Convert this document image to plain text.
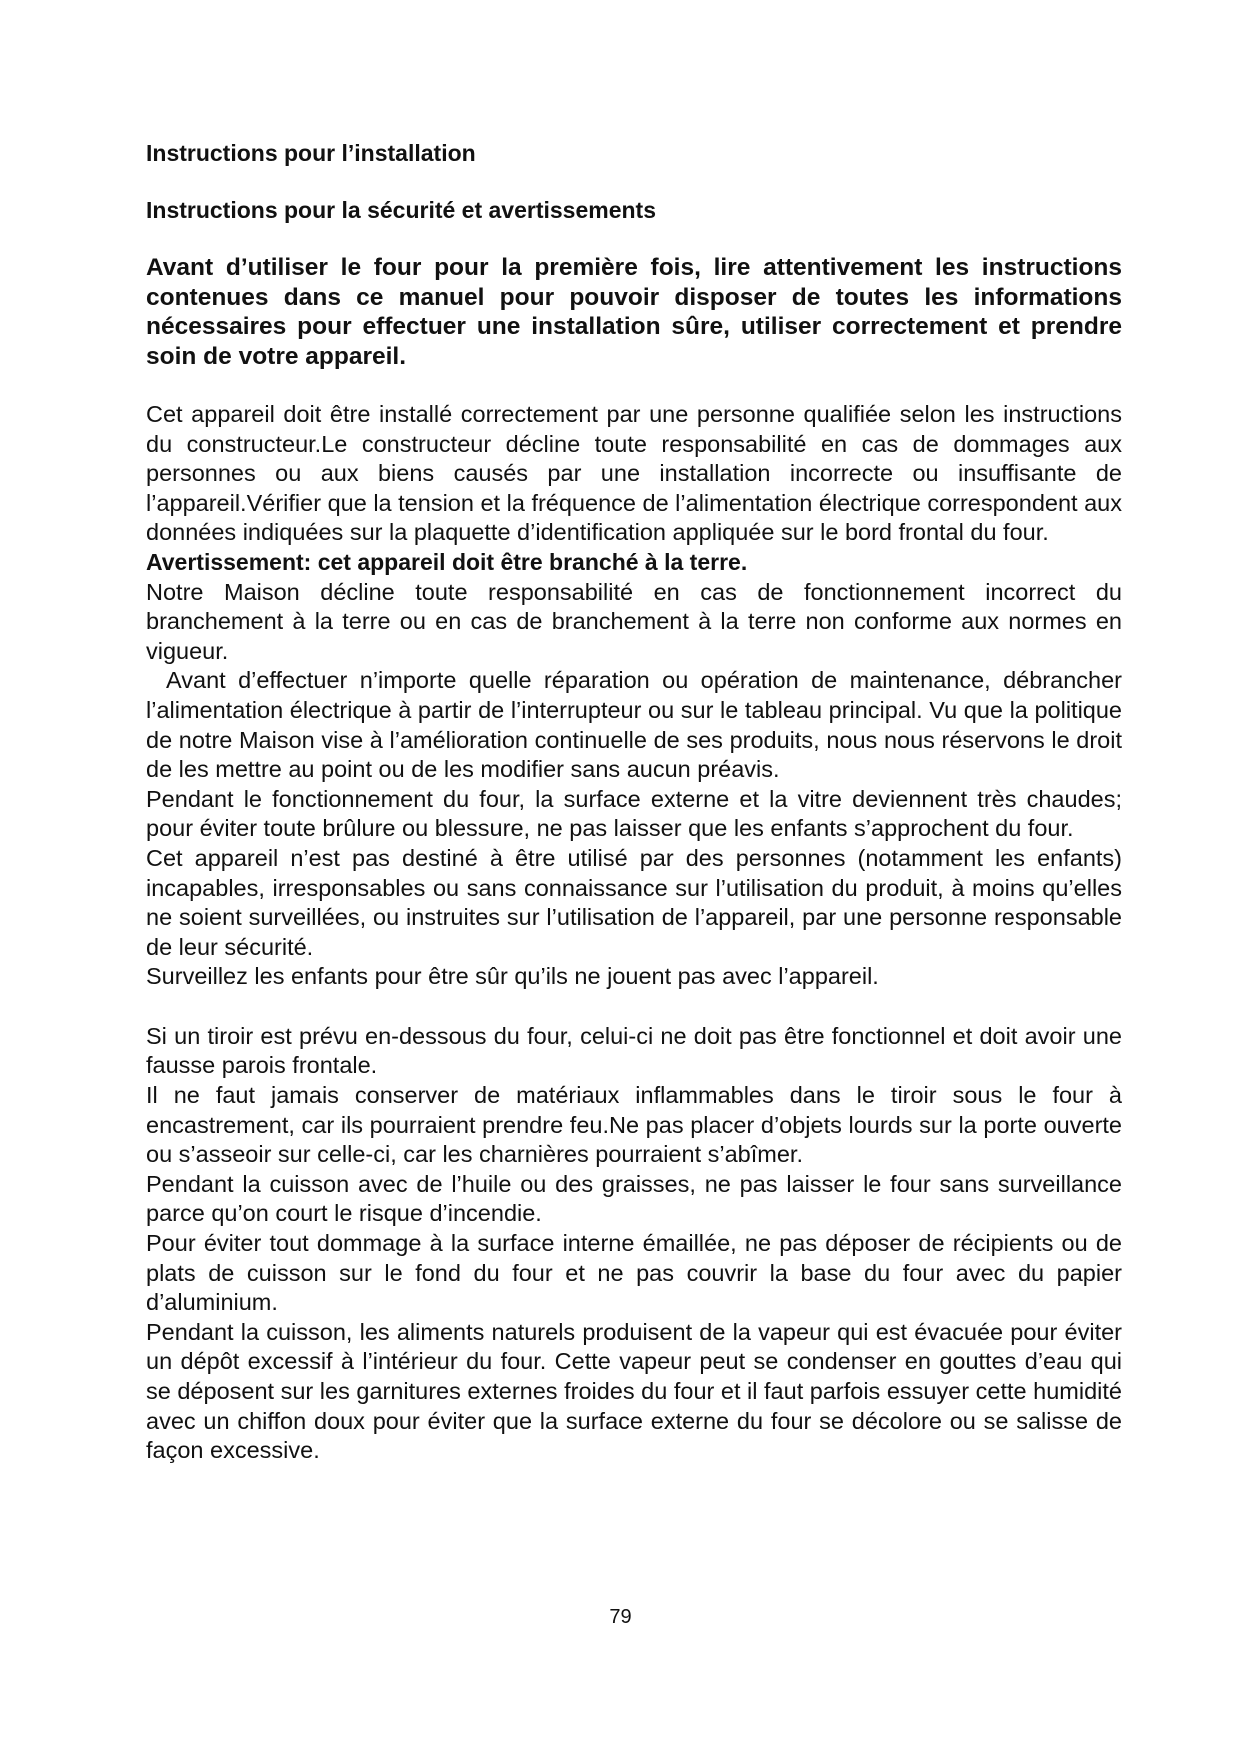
Instructions pour l’installation

Instructions pour la sécurité et avertissements

Avant d’utiliser le four pour la première fois, lire attentivement les instructions contenues dans ce manuel pour pouvoir disposer de toutes les informations nécessaires pour effectuer une installation sûre, utiliser correctement et prendre soin de votre appareil.

Cet appareil doit être installé correctement par une personne qualifiée selon les instructions du constructeur.Le constructeur décline toute responsabilité en cas de dommages aux personnes ou aux biens causés par une installation incorrecte ou insuffisante de l’appareil.Vérifier que la tension et la fréquence de l’alimentation électrique correspondent aux données indiquées sur la plaquette d’identification appliquée sur le bord frontal du four.

Avertissement: cet appareil doit être branché à la terre.

Notre Maison décline toute responsabilité en cas de fonctionnement incorrect du branchement à la terre ou en cas de branchement à la terre non conforme aux normes en vigueur.

Avant d’effectuer n’importe quelle réparation ou opération de maintenance, débrancher l’alimentation électrique à partir de l’interrupteur ou sur le tableau principal. Vu que la politique de notre Maison vise à l’amélioration continuelle de ses produits, nous nous réservons le droit de les mettre au point ou de les modifier sans aucun préavis.

Pendant le fonctionnement du four, la surface externe et la vitre deviennent très chaudes; pour éviter toute brûlure ou blessure, ne pas laisser que les enfants s’approchent du four.

Cet appareil n’est pas destiné à être utilisé par des personnes (notamment les enfants) incapables, irresponsables ou sans connaissance sur l’utilisation du produit, à moins qu’elles ne soient surveillées, ou instruites sur l’utilisation de l’appareil, par une personne responsable de leur sécurité.

Surveillez les enfants pour être sûr qu’ils ne jouent pas avec l’appareil.

Si un tiroir est prévu en-dessous du four, celui-ci ne doit pas être fonctionnel et doit avoir une fausse parois frontale.

Il ne faut jamais conserver de matériaux inflammables dans le tiroir sous le four à encastrement, car ils pourraient prendre feu.Ne pas placer d’objets lourds sur la porte ouverte ou s’asseoir sur celle-ci, car les charnières pourraient s’abîmer.

Pendant la cuisson avec de l’huile ou des graisses, ne pas laisser le four sans surveillance parce qu’on court le risque d’incendie.

Pour éviter tout dommage à la surface interne émaillée, ne pas déposer de récipients ou de plats de cuisson sur le fond du four et ne pas couvrir la base du four avec du papier d’aluminium.

Pendant la cuisson, les aliments naturels produisent de la vapeur qui est évacuée pour éviter un dépôt excessif à l’intérieur du four. Cette vapeur peut se condenser en gouttes d’eau qui se déposent sur les garnitures externes froides du four et il faut parfois essuyer cette humidité avec un chiffon doux pour éviter que la surface externe du four se décolore ou se salisse de façon excessive.

79
